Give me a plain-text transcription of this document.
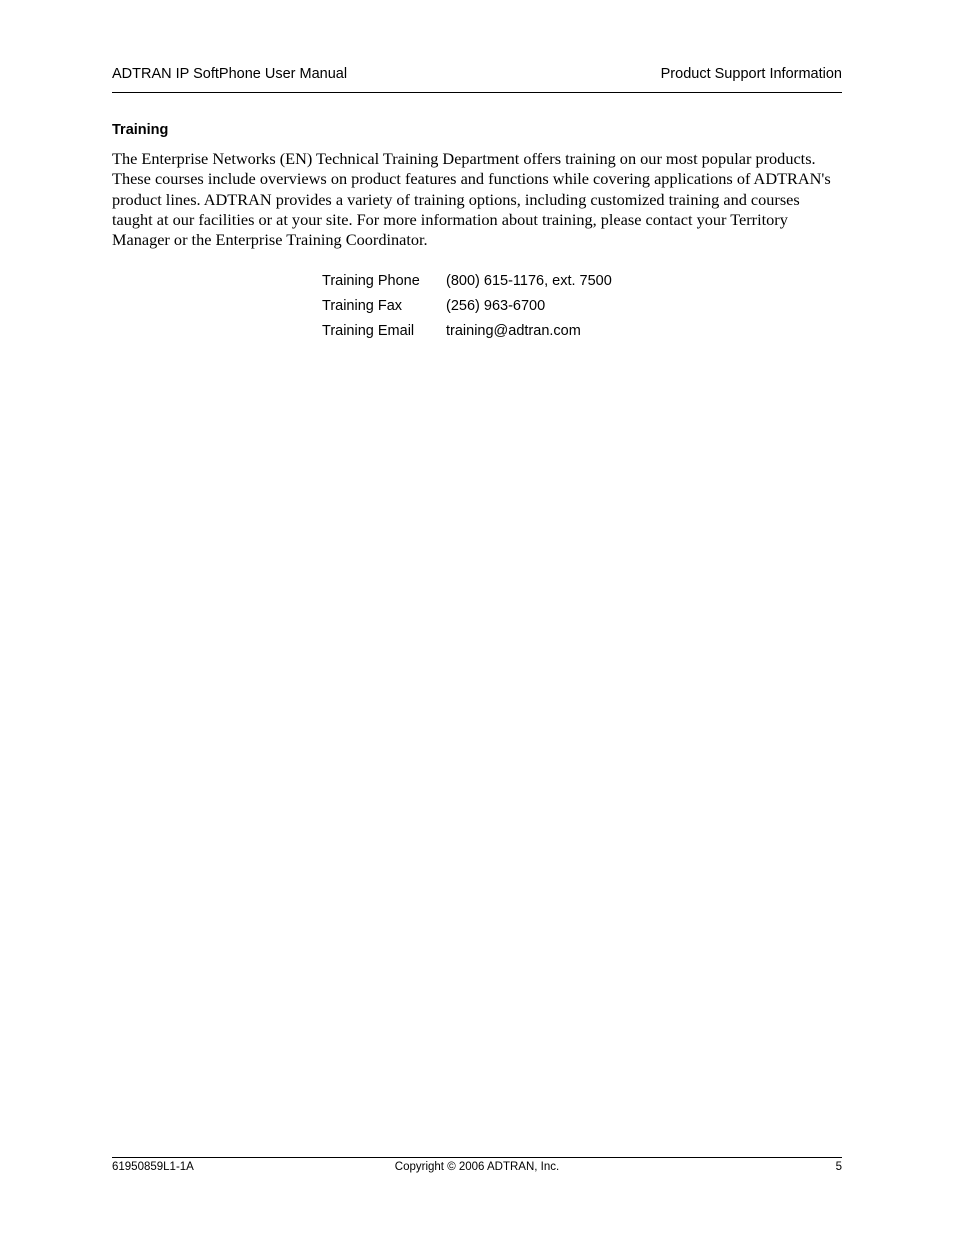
ADTRAN IP SoftPhone User Manual	Product Support Information
Training

The Enterprise Networks (EN) Technical Training Department offers training on our most popular products. These courses include overviews on product features and functions while covering applications of ADTRAN's product lines. ADTRAN provides a variety of training options, including customized training and courses taught at our facilities or at your site. For more information about training, please contact your Territory Manager or the Enterprise Training Coordinator.

Training Phone	(800) 615-1176, ext. 7500
Training Fax	(256) 963-6700
Training Email	training@adtran.com
61950859L1-1A	Copyright © 2006 ADTRAN, Inc.	5
